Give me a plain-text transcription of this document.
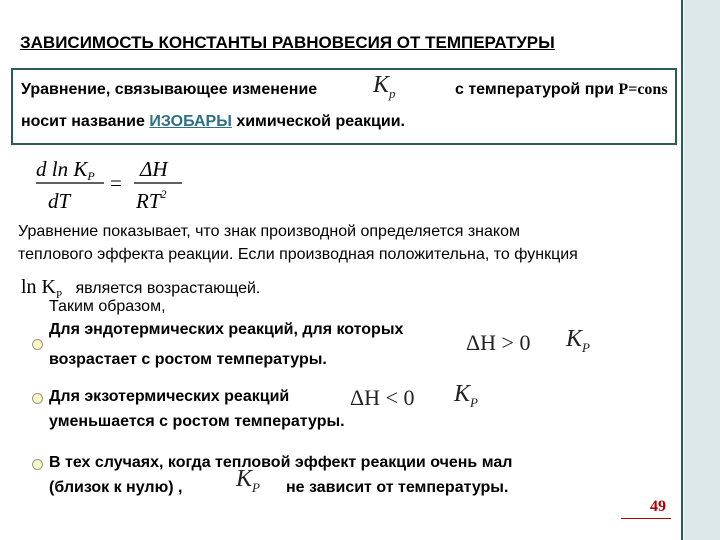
ЗАВИСИМОСТЬ КОНСТАНТЫ РАВНОВЕСИЯ ОТ ТЕМПЕРАТУРЫ
Уравнение, связывающее изменение $K_p$	с температурой при P=cons
носит название ИЗОБАРЫ химической реакции.
d ln KP
dT
=
ΔH
$RT^2$
Уравнение показывает, что знак производной определяется знаком
теплового эффекта реакции. Если производная положительна, то функция
$\ln K_P$ является возрастающей.
Таким образом,
Для эндотермических реакций, для которых
ΔH > 0 $K_P$
возрастает с ростом температуры.
Для экзотермических реакций	ΔH < 0 $K_P$
уменьшается с ростом температуры.
В тех случаях, когда тепловой эффект реакции очень мал
(близок к нулю) , $K_P$ не зависит от температуры.
49
